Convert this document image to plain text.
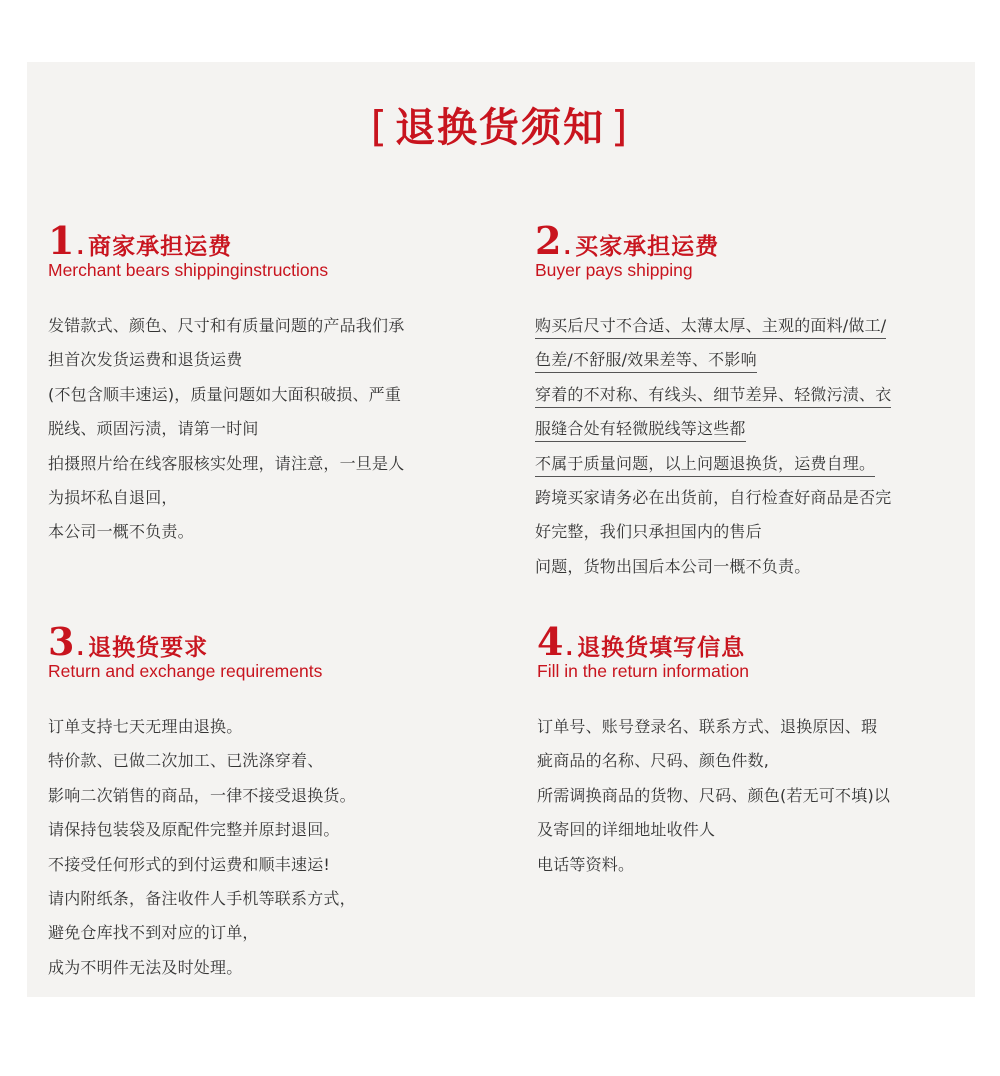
[ 退换货须知 ]
1 . 商家承担运费
Merchant bears shippinginstructions
发错款式、颜色、尺寸和有质量问题的产品我们承
担首次发货运费和退货运费
(不包含顺丰速运)，质量问题如大面积破损、严重
脱线、顽固污渍，请第一时间
拍摄照片给在线客服核实处理，请注意，一旦是人
为损坏私自退回，
本公司一概不负责。
2 . 买家承担运费
Buyer pays shipping
购买后尺寸不合适、太薄太厚、主观的面料/做工/
色差/不舒服/效果差等、不影响
穿着的不对称、有线头、细节差异、轻微污渍、衣
服缝合处有轻微脱线等这些都
不属于质量问题，以上问题退换货，运费自理。
跨境买家请务必在出货前，自行检查好商品是否完
好完整，我们只承担国内的售后
问题，货物出国后本公司一概不负责。
3 . 退换货要求
Return and exchange requirements
订单支持七天无理由退换。
特价款、已做二次加工、已洗涤穿着、
影响二次销售的商品，一律不接受退换货。
请保持包装袋及原配件完整并原封退回。
不接受任何形式的到付运费和顺丰速运!
请内附纸条，备注收件人手机等联系方式，
避免仓库找不到对应的订单，
成为不明件无法及时处理。
4 . 退换货填写信息
Fill in the return information
订单号、账号登录名、联系方式、退换原因、瑕
疵商品的名称、尺码、颜色件数,
所需调换商品的货物、尺码、颜色(若无可不填)以
及寄回的详细地址收件人
电话等资料。
